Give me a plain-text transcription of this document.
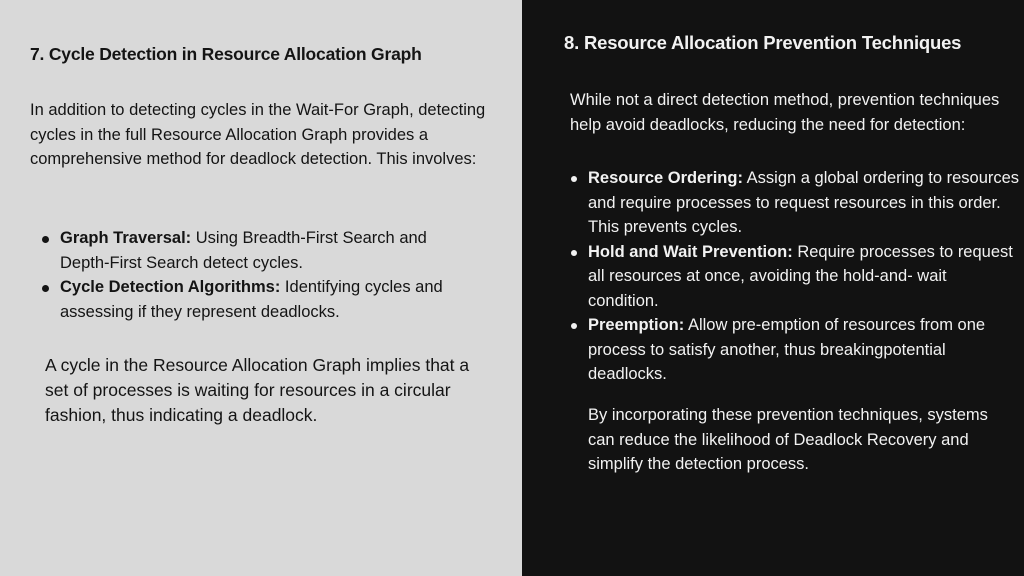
7. Cycle Detection in Resource Allocation Graph

In addition to detecting cycles in the Wait-For Graph, detecting cycles in the full Resource Allocation Graph provides a comprehensive method for deadlock detection. This involves:

Graph Traversal: Using Breadth-First Search and Depth-First Search detect cycles.
Cycle Detection Algorithms: Identifying cycles and assessing if they represent deadlocks.

A cycle in the Resource Allocation Graph implies that a set of processes is waiting for resources in a circular fashion, thus indicating a deadlock.

8. Resource Allocation Prevention Techniques

While not a direct detection method, prevention techniques help avoid deadlocks, reducing the need for detection:

Resource Ordering: Assign a global ordering to resources and require processes to request resources in this order. This prevents cycles.
Hold and Wait Prevention: Require processes to request all resources at once, avoiding the hold-and- wait condition.
Preemption: Allow pre-emption of resources from one process to satisfy another, thus breakingpotential deadlocks.

By incorporating these prevention techniques, systems can reduce the likelihood of Deadlock Recovery and simplify the detection process.
